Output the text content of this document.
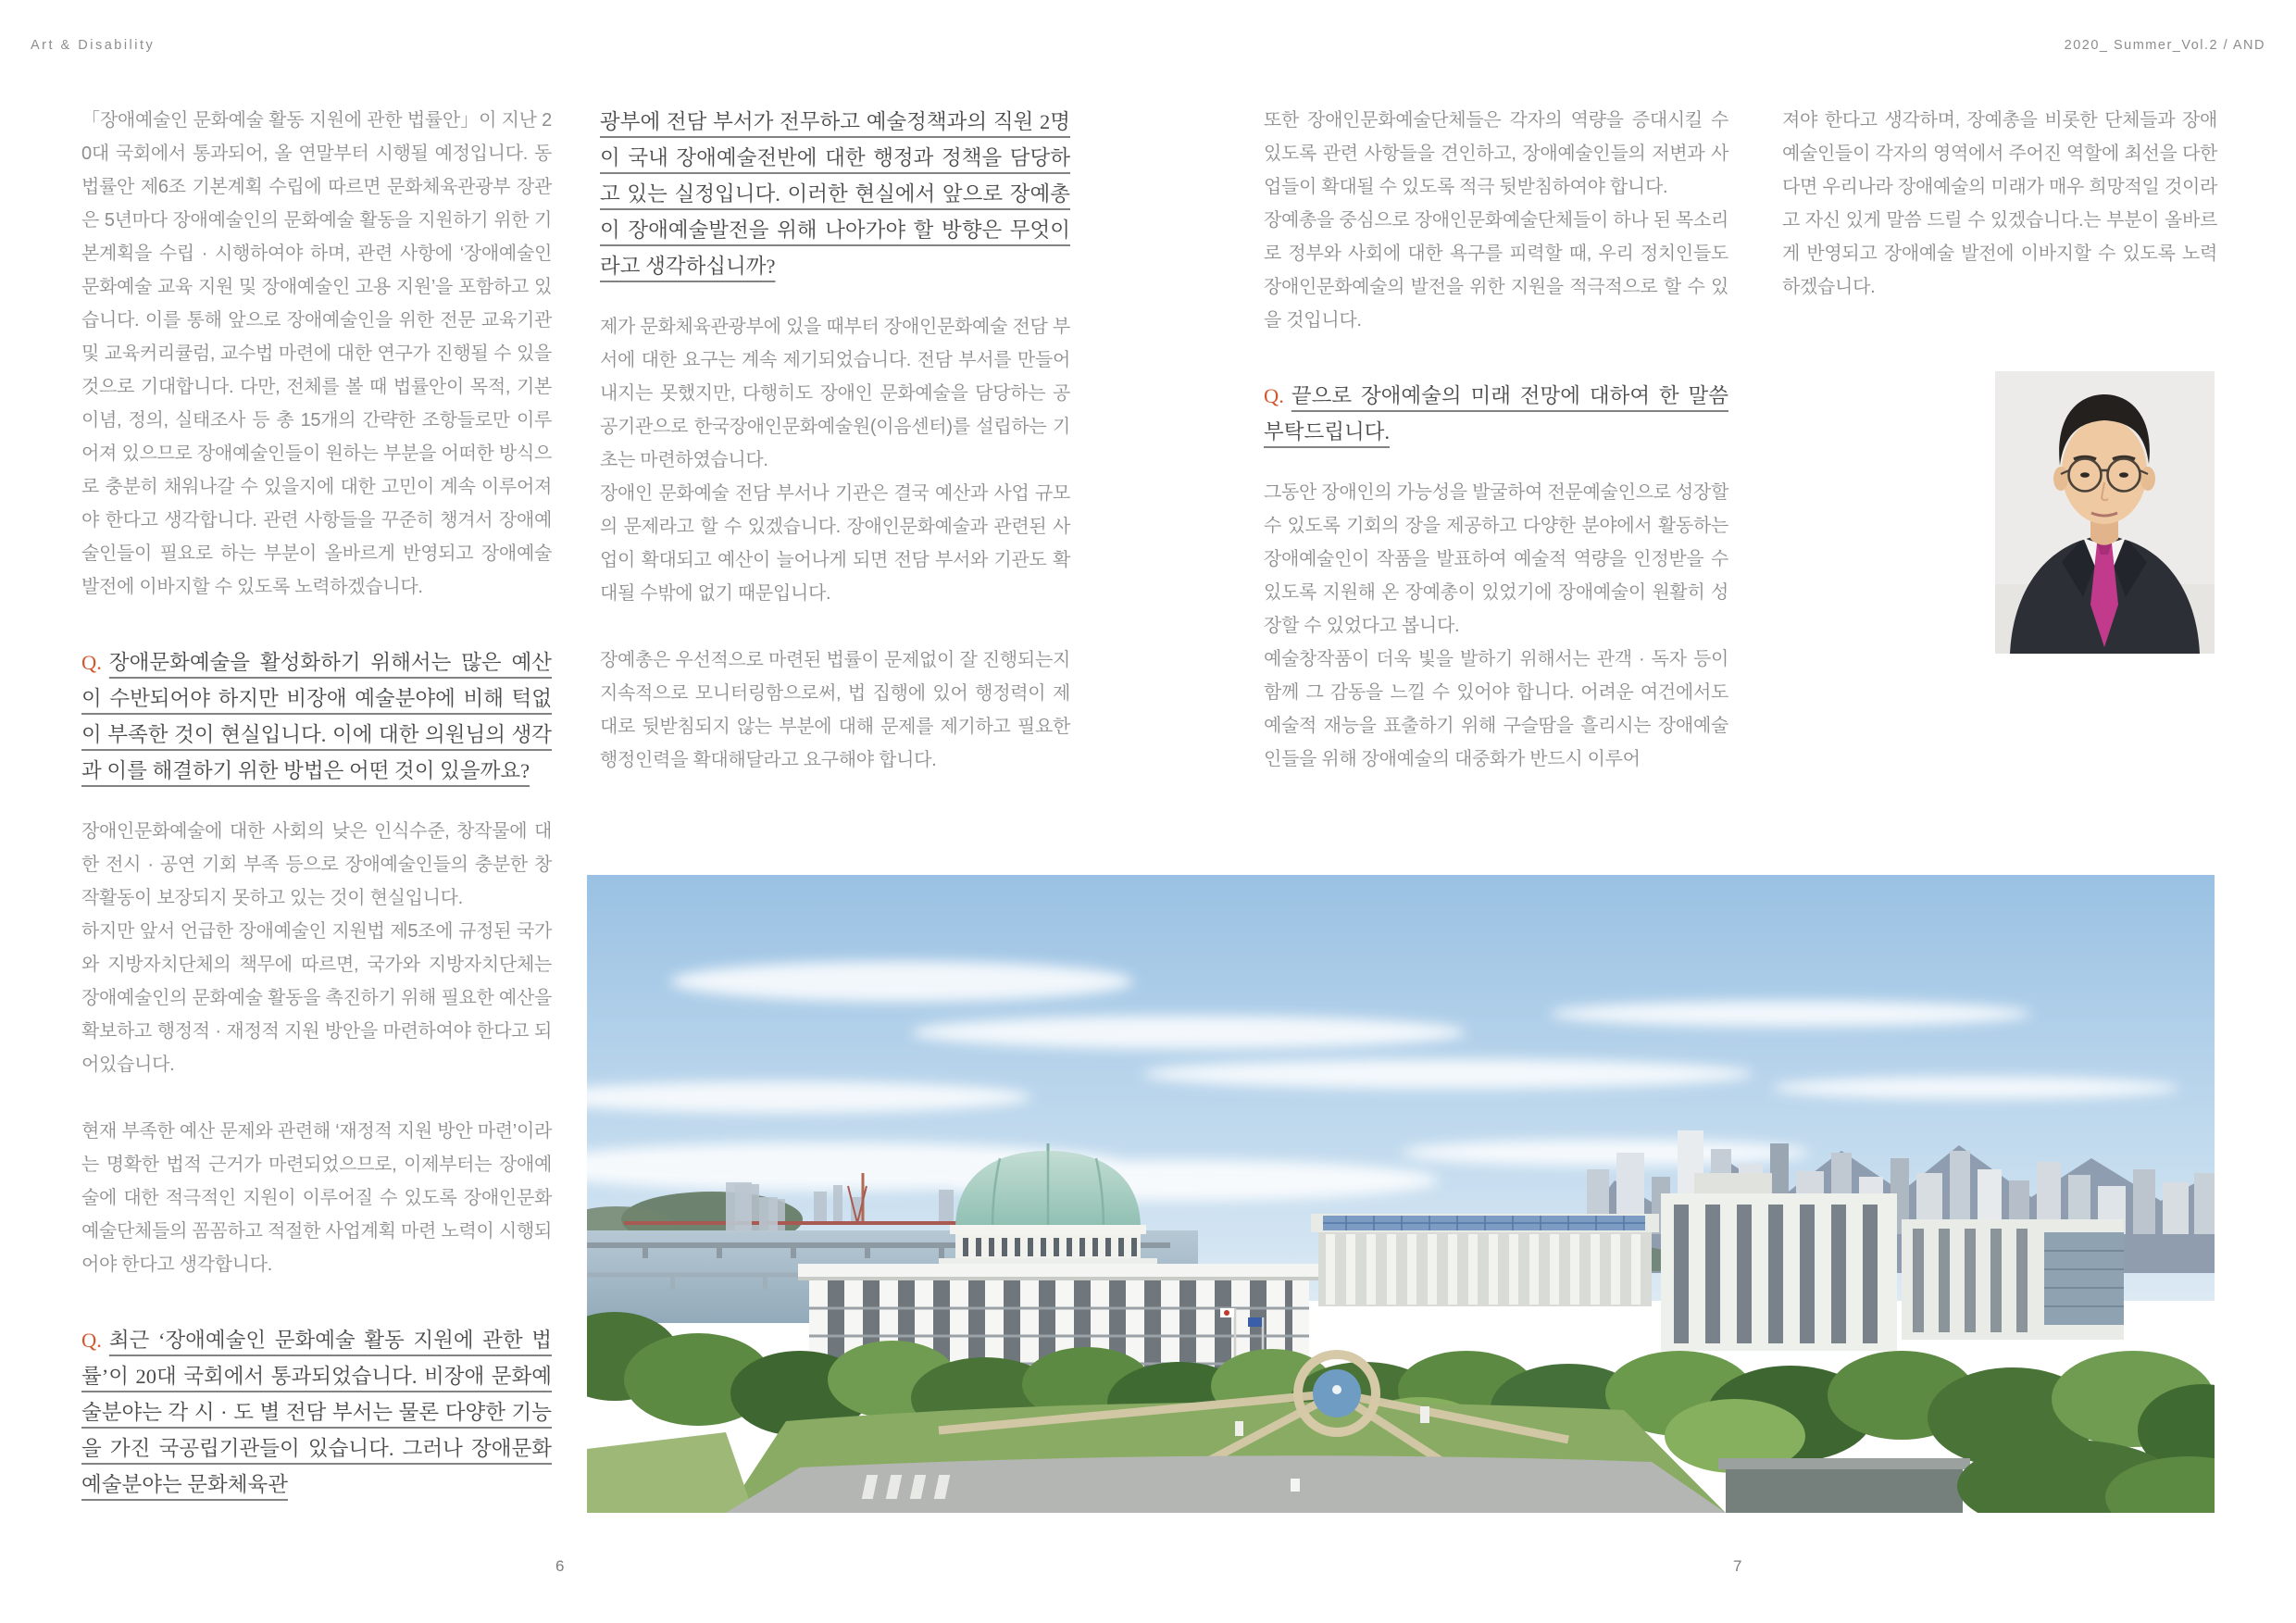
Art & Disability	2020_ Summer_Vol.2 / AND

「장애예술인 문화예술 활동 지원에 관한 법률안」이 지난 20대 국회에서 통과되어, 올 연말부터 시행될 예정입니다. 동 법률안 제6조 기본계획 수립에 따르면 문화체육관광부 장관은 5년마다 장애예술인의 문화예술 활동을 지원하기 위한 기본계획을 수립 · 시행하여야 하며, 관련 사항에 ‘장애예술인 문화예술 교육 지원 및 장애예술인 고용 지원’을 포함하고 있습니다. 이를 통해 앞으로 장애예술인을 위한 전문 교육기관 및 교육커리큘럼, 교수법 마련에 대한 연구가 진행될 수 있을 것으로 기대합니다. 다만, 전체를 볼 때 법률안이 목적, 기본이념, 정의, 실태조사 등 총 15개의 간략한 조항들로만 이루어져 있으므로 장애예술인들이 원하는 부분을 어떠한 방식으로 충분히 채워나갈 수 있을지에 대한 고민이 계속 이루어져야 한다고 생각합니다. 관련 사항들을 꾸준히 챙겨서 장애예술인들이 필요로 하는 부분이 올바르게 반영되고 장애예술 발전에 이바지할 수 있도록 노력하겠습니다.

Q. 장애문화예술을 활성화하기 위해서는 많은 예산이 수반되어야 하지만 비장애 예술분야에 비해 턱없이 부족한 것이 현실입니다. 이에 대한 의원님의 생각과 이를 해결하기 위한 방법은 어떤 것이 있을까요?

장애인문화예술에 대한 사회의 낮은 인식수준, 창작물에 대한 전시 · 공연 기회 부족 등으로 장애예술인들의 충분한 창작활동이 보장되지 못하고 있는 것이 현실입니다.

하지만 앞서 언급한 장애예술인 지원법 제5조에 규정된 국가와 지방자치단체의 책무에 따르면, 국가와 지방자치단체는 장애예술인의 문화예술 활동을 촉진하기 위해 필요한 예산을 확보하고 행정적 · 재정적 지원 방안을 마련하여야 한다고 되어있습니다.

현재 부족한 예산 문제와 관련해 ‘재정적 지원 방안 마련’이라는 명확한 법적 근거가 마련되었으므로, 이제부터는 장애예술에 대한 적극적인 지원이 이루어질 수 있도록 장애인문화예술단체들의 꼼꼼하고 적절한 사업계획 마련 노력이 시행되어야 한다고 생각합니다.

Q. 최근 ‘장애예술인 문화예술 활동 지원에 관한 법률’이 20대 국회에서 통과되었습니다. 비장애 문화예술분야는 각 시 · 도 별 전담 부서는 물론 다양한 기능을 가진 국공립기관들이 있습니다. 그러나 장애문화예술분야는 문화체육관

광부에 전담 부서가 전무하고 예술정책과의 직원 2명이 국내 장애예술전반에 대한 행정과 정책을 담당하고 있는 실정입니다. 이러한 현실에서 앞으로 장예총이 장애예술발전을 위해 나아가야 할 방향은 무엇이라고 생각하십니까?

제가 문화체육관광부에 있을 때부터 장애인문화예술 전담 부서에 대한 요구는 계속 제기되었습니다. 전담 부서를 만들어내지는 못했지만, 다행히도 장애인 문화예술을 담당하는 공공기관으로 한국장애인문화예술원(이음센터)를 설립하는 기초는 마련하였습니다.

장애인 문화예술 전담 부서나 기관은 결국 예산과 사업 규모의 문제라고 할 수 있겠습니다. 장애인문화예술과 관련된 사업이 확대되고 예산이 늘어나게 되면 전담 부서와 기관도 확대될 수밖에 없기 때문입니다.

장예총은 우선적으로 마련된 법률이 문제없이 잘 진행되는지 지속적으로 모니터링함으로써, 법 집행에 있어 행정력이 제대로 뒷받침되지 않는 부분에 대해 문제를 제기하고 필요한 행정인력을 확대해달라고 요구해야 합니다.

또한 장애인문화예술단체들은 각자의 역량을 증대시킬 수 있도록 관련 사항들을 견인하고, 장애예술인들의 저변과 사업들이 확대될 수 있도록 적극 뒷받침하여야 합니다.

장예총을 중심으로 장애인문화예술단체들이 하나 된 목소리로 정부와 사회에 대한 욕구를 피력할 때, 우리 정치인들도 장애인문화예술의 발전을 위한 지원을 적극적으로 할 수 있을 것입니다.

Q. 끝으로 장애예술의 미래 전망에 대하여 한 말씀 부탁드립니다.

그동안 장애인의 가능성을 발굴하여 전문예술인으로 성장할 수 있도록 기회의 장을 제공하고 다양한 분야에서 활동하는 장애예술인이 작품을 발표하여 예술적 역량을 인정받을 수 있도록 지원해 온 장예총이 있었기에 장애예술이 원활히 성장할 수 있었다고 봅니다.

예술창작품이 더욱 빛을 발하기 위해서는 관객 · 독자 등이 함께 그 감동을 느낄 수 있어야 합니다. 어려운 여건에서도 예술적 재능을 표출하기 위해 구슬땀을 흘리시는 장애예술인들을 위해 장애예술의 대중화가 반드시 이루어

져야 한다고 생각하며, 장예총을 비롯한 단체들과 장애예술인들이 각자의 영역에서 주어진 역할에 최선을 다한다면 우리나라 장애예술의 미래가 매우 희망적일 것이라고 자신 있게 말씀 드릴 수 있겠습니다.는 부분이 올바르게 반영되고 장애예술 발전에 이바지할 수 있도록 노력하겠습니다.

6	7
